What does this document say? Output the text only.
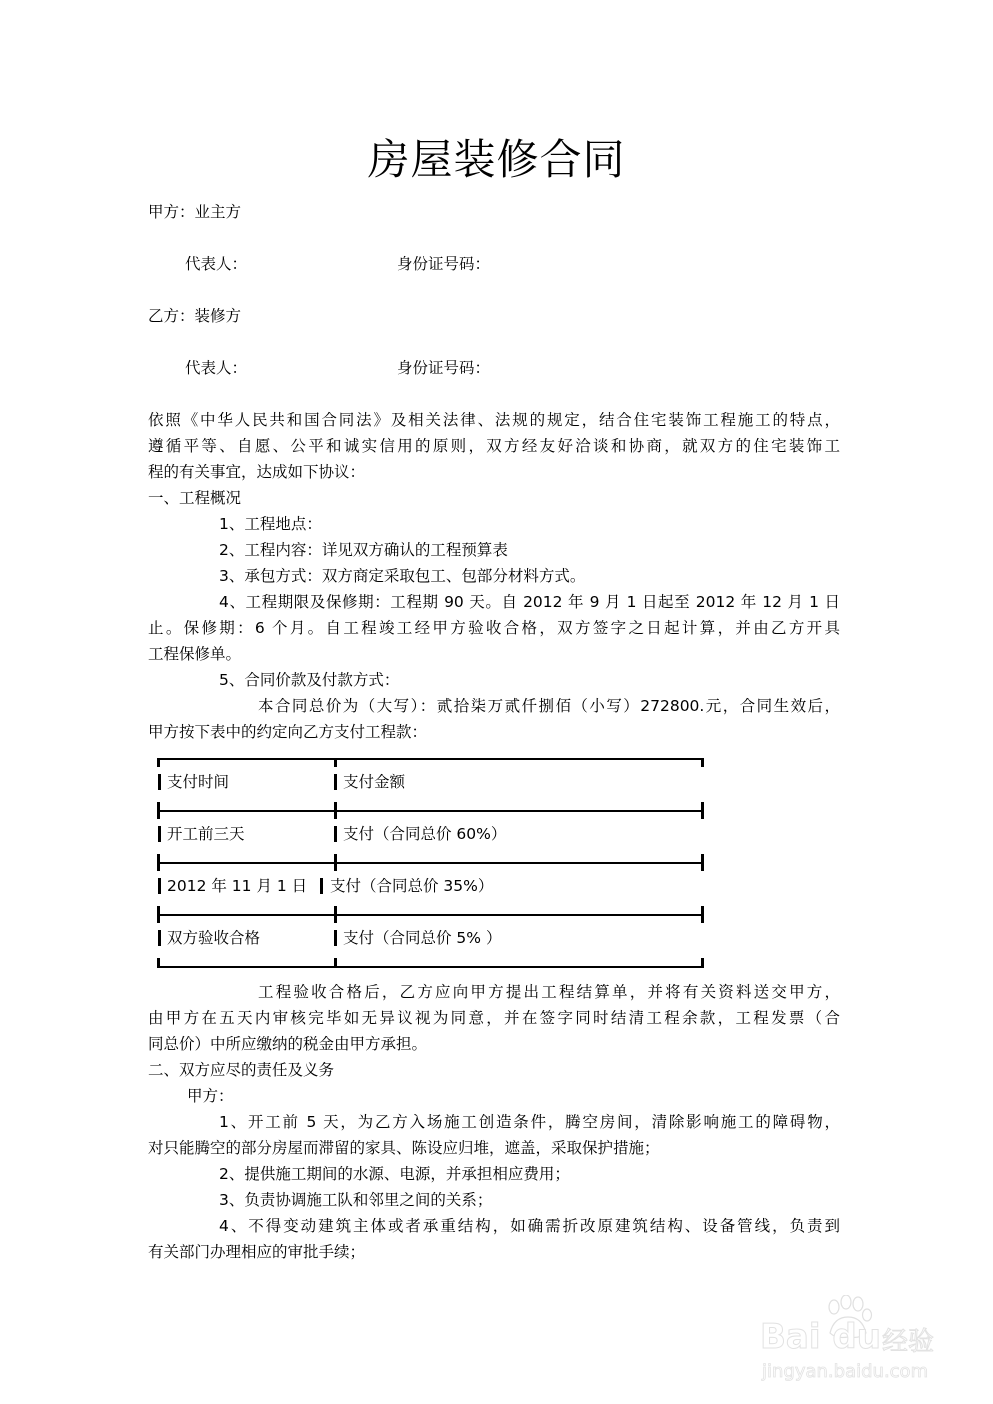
房屋装修合同
甲方：业主方
代表人：	身份证号码：
乙方：装修方
代表人：	身份证号码：
依照《中华人民共和国合同法》及相关法律、法规的规定，结合住宅装饰工程施工的特点，
遵循平等、自愿、公平和诚实信用的原则，双方经友好洽谈和协商，就双方的住宅装饰工
程的有关事宜，达成如下协议：
一、工程概况
1、工程地点：
2、工程内容：详见双方确认的工程预算表
3、承包方式：双方商定采取包工、包部分材料方式。
4、工程期限及保修期：工程期 90 天。自 2012 年 9 月 1 日起至 2012 年 12 月 1 日
止。保修期：6 个月。自工程竣工经甲方验收合格，双方签字之日起计算，并由乙方开具
工程保修单。
5、合同价款及付款方式：
本合同总价为（大写）：贰拾柒万贰仟捌佰（小写）272800.元，合同生效后，
甲方按下表中的约定向乙方支付工程款：
支付时间	支付金额
开工前三天	支付（合同总价 60%）
2012 年 11 月 1 日 支付（合同总价 35%）
双方验收合格	支付（合同总价 5% ）
工程验收合格后，乙方应向甲方提出工程结算单，并将有关资料送交甲方，
由甲方在五天内审核完毕如无异议视为同意，并在签字同时结清工程余款，工程发票（合
同总价）中所应缴纳的税金由甲方承担。
二、双方应尽的责任及义务
甲方：
1、开工前 5 天，为乙方入场施工创造条件，腾空房间，清除影响施工的障碍物，
对只能腾空的部分房屋而滞留的家具、陈设应归堆，遮盖，采取保护措施；
2、提供施工期间的水源、电源，并承担相应费用；
3、负责协调施工队和邻里之间的关系；
4、不得变动建筑主体或者承重结构，如确需折改原建筑结构、设备管线，负责到
有关部门办理相应的审批手续；
Bai du 经验
jingyan.baidu.com
